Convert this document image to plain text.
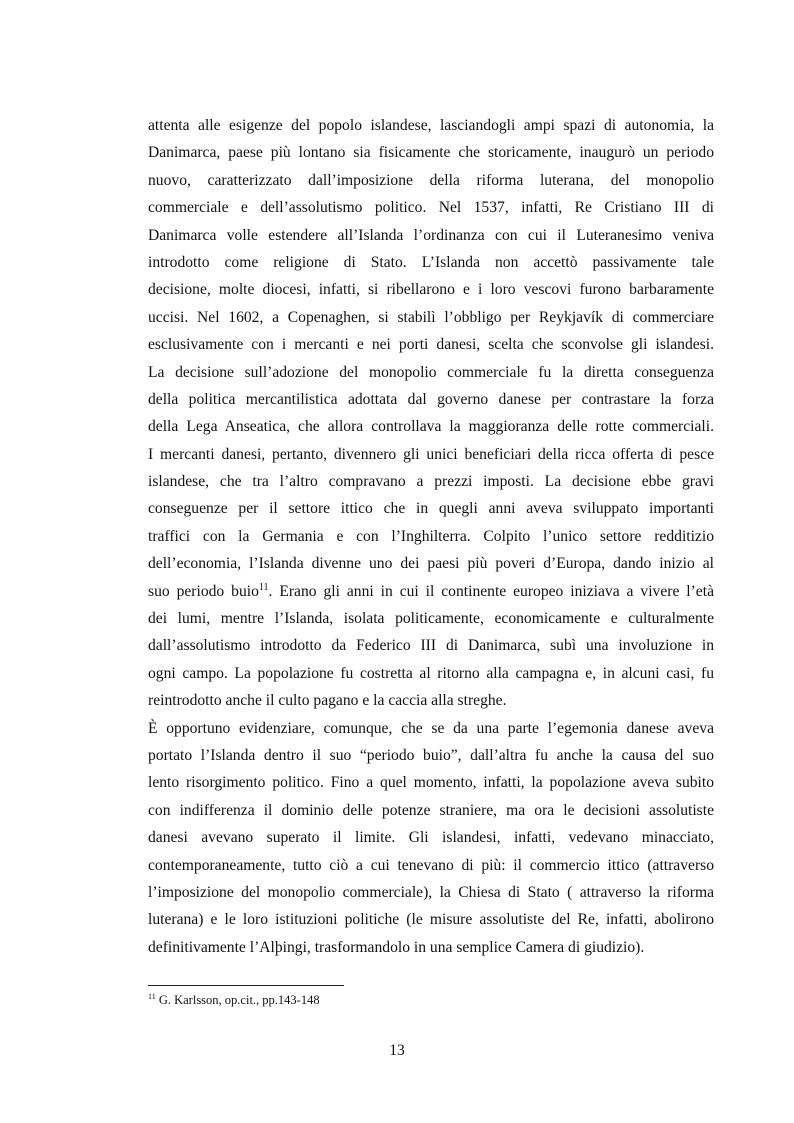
attenta alle esigenze del popolo islandese, lasciandogli ampi spazi di autonomia, la
Danimarca, paese più lontano sia fisicamente che storicamente, inaugurò un periodo
nuovo, caratterizzato dall’imposizione della riforma luterana, del monopolio
commerciale e dell’assolutismo politico. Nel 1537, infatti, Re Cristiano III di
Danimarca volle estendere all’Islanda l’ordinanza con cui il Luteranesimo veniva
introdotto come religione di Stato. L’Islanda non accettò passivamente tale
decisione, molte diocesi, infatti, si ribellarono e i loro vescovi furono barbaramente
uccisi. Nel 1602, a Copenaghen, si stabilì l’obbligo per Reykjavík di commerciare
esclusivamente con i mercanti e nei porti danesi, scelta che sconvolse gli islandesi.
La decisione sull’adozione del monopolio commerciale fu la diretta conseguenza
della politica mercantilistica adottata dal governo danese per contrastare la forza
della Lega Anseatica, che allora controllava la maggioranza delle rotte commerciali.
I mercanti danesi, pertanto, divennero gli unici beneficiari della ricca offerta di pesce
islandese, che tra l’altro compravano a prezzi imposti. La decisione ebbe gravi
conseguenze per il settore ittico che in quegli anni aveva sviluppato importanti
traffici con la Germania e con l’Inghilterra. Colpito l’unico settore redditizio
dell’economia, l’Islanda divenne uno dei paesi più poveri d’Europa, dando inizio al
suo periodo buio$^{11}$. Erano gli anni in cui il continente europeo iniziava a vivere l’età
dei lumi, mentre l’Islanda, isolata politicamente, economicamente e culturalmente
dall’assolutismo introdotto da Federico III di Danimarca, subì una involuzione in
ogni campo. La popolazione fu costretta al ritorno alla campagna e, in alcuni casi, fu
reintrodotto anche il culto pagano e la caccia alla streghe.
È opportuno evidenziare, comunque, che se da una parte l’egemonia danese aveva
portato l’Islanda dentro il suo “periodo buio”, dall’altra fu anche la causa del suo
lento risorgimento politico. Fino a quel momento, infatti, la popolazione aveva subito
con indifferenza il dominio delle potenze straniere, ma ora le decisioni assolutiste
danesi avevano superato il limite. Gli islandesi, infatti, vedevano minacciato,
contemporaneamente, tutto ciò a cui tenevano di più: il commercio ittico (attraverso
l’imposizione del monopolio commerciale), la Chiesa di Stato ( attraverso la riforma
luterana) e le loro istituzioni politiche (le misure assolutiste del Re, infatti, abolirono
definitivamente l’Alþingi, trasformandolo in una semplice Camera di giudizio).
$^{11}$ G. Karlsson, op.cit., pp.143-148
13
